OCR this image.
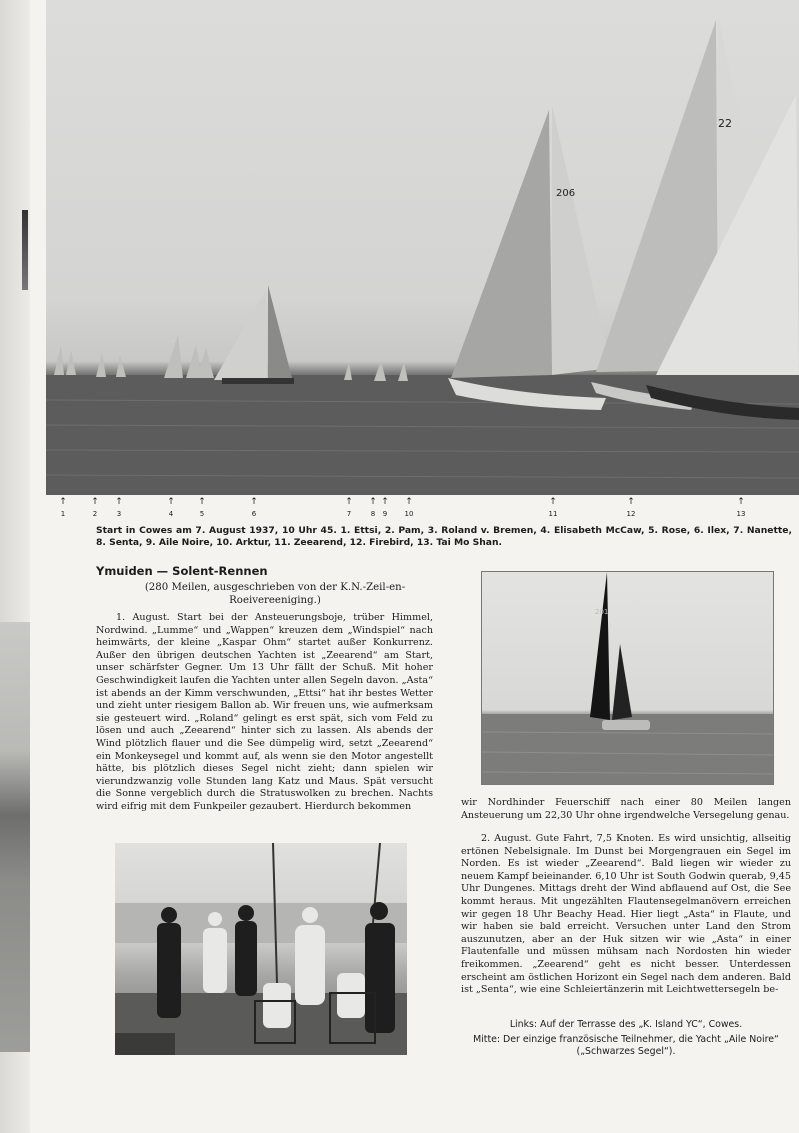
206
22
↑
1
↑
2
↑
3
↑
4
↑
5
↑
6
↑
7
↑
8
↑
9
↑
10
↑
11
↑
12
↑
13
Start in Cowes am 7. August 1937, 10 Uhr 45. 1. Ettsi, 2. Pam, 3. Roland v. Bremen, 4. Elisabeth McCaw, 5. Rose, 6. Ilex, 7. Nanette, 8. Senta, 9. Aile Noire, 10. Arktur, 11. Zeearend, 12. Firebird, 13. Tai Mo Shan.
Ymuiden — Solent-Rennen
(280 Meilen, ausgeschrieben von der K.N.-Zeil-en-Roeivereeniging.)

1. August. Start bei der Ansteuerungsboje, trüber Himmel, Nordwind. „Lumme“ und „Wappen“ kreuzen dem „Windspiel“ nach heimwärts, der kleine „Kaspar Ohm“ startet außer Konkurrenz. Außer den übrigen deutschen Yachten ist „Zeearend“ am Start, unser schärfster Gegner. Um 13 Uhr fällt der Schuß. Mit hoher Geschwindigkeit laufen die Yachten unter allen Segeln davon. „Asta“ ist abends an der Kimm verschwunden, „Ettsi“ hat ihr bestes Wetter und zieht unter riesigem Ballon ab. Wir freuen uns, wie aufmerksam sie gesteuert wird. „Roland“ gelingt es erst spät, sich vom Feld zu lösen und auch „Zeearend“ hinter sich zu lassen. Als abends der Wind plötzlich flauer und die See dümpelig wird, setzt „Zeearend“ ein Monkeysegel und kommt auf, als wenn sie den Motor angestellt hätte, bis plötzlich dieses Segel nicht zieht; dann spielen wir vierundzwanzig volle Stunden lang Katz und Maus. Spät versucht die Sonne vergeblich durch die Stratuswolken zu brechen. Nachts wird eifrig mit dem Funkpeiler gezaubert. Hierdurch bekommen

201

wir Nordhinder Feuerschiff nach einer 80 Meilen langen Ansteuerung um 22,30 Uhr ohne irgendwelche Versegelung genau.

2. August. Gute Fahrt, 7,5 Knoten. Es wird unsichtig, allseitig ertönen Nebelsignale. Im Dunst bei Morgengrauen ein Segel im Norden. Es ist wieder „Zeearend“. Bald liegen wir wieder zu neuem Kampf beieinander. 6,10 Uhr ist South Godwin querab, 9,45 Uhr Dungenes. Mittags dreht der Wind abflauend auf Ost, die See kommt heraus. Mit ungezählten Flautensegelmanövern erreichen wir gegen 18 Uhr Beachy Head. Hier liegt „Asta“ in Flaute, und wir haben sie bald erreicht. Versuchen unter Land den Strom auszunutzen, aber an der Huk sitzen wir wie „Asta“ in einer Flautenfalle und müssen mühsam nach Nordosten hin wieder freikommen. „Zeearend“ geht es nicht besser. Unterdessen erscheint am östlichen Horizont ein Segel nach dem anderen. Bald ist „Senta“, wie eine Schleiertänzerin mit Leichtwettersegeln be-

Links: Auf der Terrasse des „K. Island YC“, Cowes.

Mitte: Der einzige französische Teilnehmer, die Yacht „Aile Noire“ („Schwarzes Segel“).
